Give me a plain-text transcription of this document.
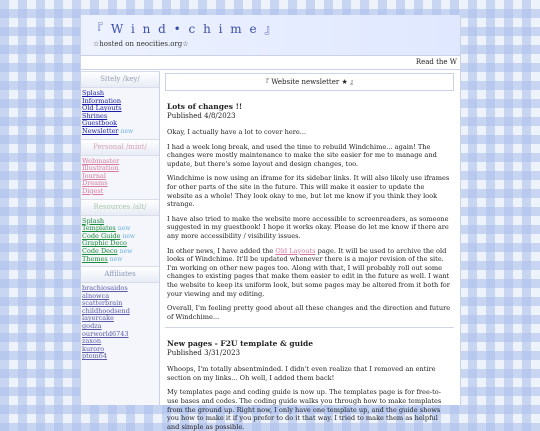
『 W i n d • c h i m e 』
☆hosted on neocities.org☆
Read the W
Sitely /key/
Splash
Information
Old Layouts
Shrines
Guestbook
Newsletter new
Personal /mint/
Webmaster
Illustration
Journal
Dreams
Digest
Resources /alt/
Splash
Templates new
Code Guide new
Graphic Deco
Code Deco new
Themes new
Affiliates
brachiosaidos
alnowca
scatterbrain
childhoodsend
layercake
godza
ourworld6743
zaxon
kuroro
ptem64
『 Website newsletter ★ 』
Lots of changes !!
Published 4/8/2023

Okay, I actually have a lot to cover here...

I had a week long break, and used the time to rebuild Windchime... again! The changes were mostly maintenance to make the site easier for me to manage and update, but there's some layout and design changes, too.

Windchime is now using an iframe for its sidebar links. It will also likely use iframes for other parts of the site in the future. This will make it easier to update the website as a whole! They look okay to me, but let me know if you think they look strange.

I have also tried to make the website more accessible to screenreaders, as someone suggested in my guestbook! I hope it works okay. Please do let me know if there are any more accessibility / visibility issues.

In other news, I have added the Old Layouts page. It will be used to archive the old looks of Windchime. It'll be updated whenever there is a major revision of the site. I'm working on other new pages too. Along with that, I will probably roll out some changes to existing pages that make them easier to edit in the future as well. I want the website to keep its uniform look, but some pages may be altered from it both for your viewing and my editing.

Overall, I'm feeling pretty good about all these changes and the direction and future of Windchime...

New pages - F2U template & guide
Published 3/31/2023

Whoops, I'm totally absentminded. I didn't even realize that I removed an entire section on my links... Oh well, I added them back!

My templates page and coding guide is now up. The templates page is for free-to-use bases and codes. The coding guide walks you through how to make templates from the ground up. Right now, I only have one template up, and the guide shows you how to make it if you prefer to do it that way. I tried to make them as helpful and simple as possible.
